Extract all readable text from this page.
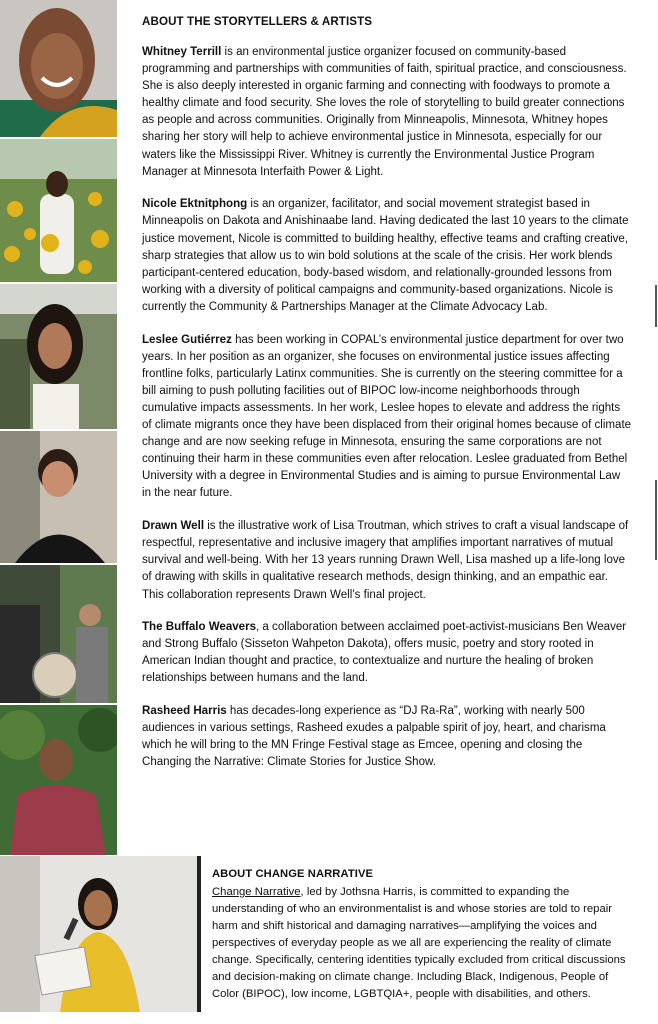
ABOUT THE STORYTELLERS & ARTISTS

Whitney Terrill is an environmental justice organizer focused on community-based programming and partnerships with communities of faith, spiritual practice, and consciousness. She is also deeply interested in organic farming and connecting with foodways to promote a healthy climate and food security. She loves the role of storytelling to build greater connections as people and across communities. Originally from Minneapolis, Minnesota, Whitney hopes sharing her story will help to achieve environmental justice in Minnesota, especially for our waters like the Mississippi River. Whitney is currently the Environmental Justice Program Manager at Minnesota Interfaith Power & Light.

Nicole Ektnitphong is an organizer, facilitator, and social movement strategist based in Minneapolis on Dakota and Anishinaabe land. Having dedicated the last 10 years to the climate justice movement, Nicole is committed to building healthy, effective teams and crafting creative, sharp strategies that allow us to win bold solutions at the scale of the crisis. Her work blends participant-centered education, body-based wisdom, and relationally-grounded lessons from working with a diversity of political campaigns and community-based organizations. Nicole is currently the Community & Partnerships Manager at the Climate Advocacy Lab.

Leslee Gutiérrez has been working in COPAL’s environmental justice department for over two years. In her position as an organizer, she focuses on environmental justice issues affecting frontline folks, particularly Latinx communities. She is currently on the steering committee for a bill aiming to push polluting facilities out of BIPOC low-income neighborhoods through cumulative impacts assessments. In her work, Leslee hopes to elevate and address the rights of climate migrants once they have been displaced from their original homes because of climate change and are now seeking refuge in Minnesota, ensuring the same corporations are not continuing their harm in these communities even after relocation. Leslee graduated from Bethel University with a degree in Environmental Studies and is aiming to pursue Environmental Law in the near future.

Drawn Well is the illustrative work of Lisa Troutman, which strives to craft a visual landscape of respectful, representative and inclusive imagery that amplifies important narratives of mutual survival and well-being. With her 13 years running Drawn Well, Lisa mashed up a life-long love of drawing with skills in qualitative research methods, design thinking, and an empathic ear. This collaboration represents Drawn Well’s final project.

The Buffalo Weavers, a collaboration between acclaimed poet-activist-musicians Ben Weaver and Strong Buffalo (Sisseton Wahpeton Dakota), offers music, poetry and story rooted in American Indian thought and practice, to contextualize and nurture the healing of broken relationships between humans and the land.

Rasheed Harris has decades-long experience as “DJ Ra-Ra”, working with nearly 500 audiences in various settings, Rasheed exudes a palpable spirit of joy, heart, and charisma which he will bring to the MN Fringe Festival stage as Emcee, opening and closing the Changing the Narrative: Climate Stories for Justice Show.

ABOUT CHANGE NARRATIVE

Change Narrative, led by Jothsna Harris, is committed to expanding the understanding of who an environmentalist is and whose stories are told to repair harm and shift historical and damaging narratives—amplifying the voices and perspectives of everyday people as we all are experiencing the reality of climate change. Specifically, centering identities typically excluded from critical discussions and decision-making on climate change. Including Black, Indigenous, People of Color (BIPOC), low income, LGBTQIA+, people with disabilities, and others.
